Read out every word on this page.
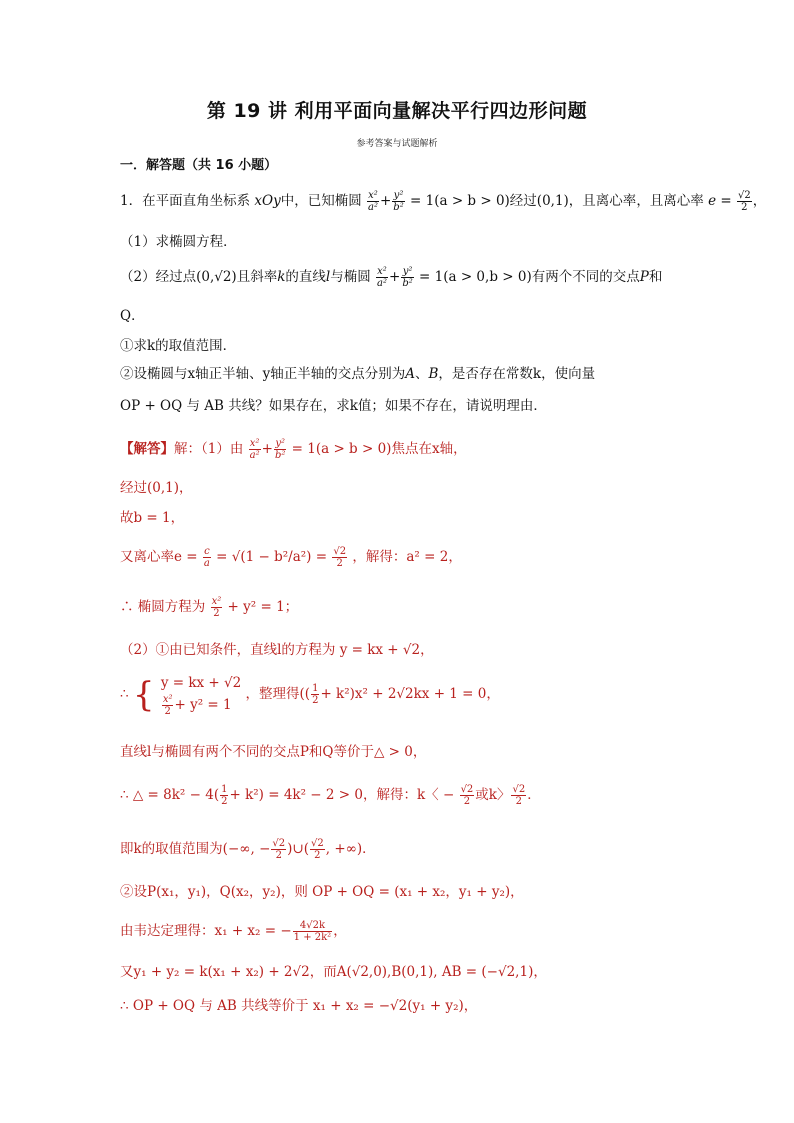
第 19 讲 利用平面向量解决平行四边形问题
参考答案与试题解析
一．解答题（共 16 小题）
1．在平面直角坐标系 xOy中，已知椭圆 $\frac{\text{x²}}{\text{a²}} + \frac{\text{y²}}{\text{b²}} = 1(a > b > 0)$经过(0,1)，且离心率，且离心率 $e = \frac{√2}{2}$ ，
（1）求椭圆方程．
（2）经过点(0,√2)且斜率k的直线l与椭圆 $\frac{\text{x²}}{\text{a²}} + \frac{\text{y²}}{\text{b²}} = 1(a > 0,b > 0)$有两个不同的交点P和
Q．
①求k的取值范围．
②设椭圆与x轴正半轴、y轴正半轴的交点分别为A、B，是否存在常数k，使向量
OP + OQ 与 AB 共线？如果存在，求k值；如果不存在，请说明理由．
【解答】解：（1）由 $\frac{\text{x²}}{\text{a²}} + \frac{\text{y²}}{\text{b²}} = 1(a > b > 0)$焦点在x轴，
经过(0,1)，
故b = 1，
又离心率$e = \frac{c}{a} = √(1 - b^2/a^2) = \frac{√2}{2}$ ，解得：a² = 2，
∴ 椭圆方程为 $\frac{\text{x²}}{2} + y^2 = 1$；
（2）①由已知条件，直线l的方程为 y = kx + √2，
∴ { y = kx + √2
$\frac{\text{x²}}{2} + y^2 = 1$
，整理得(( $\frac{1}{2} + k^2)x^2 + 2√2kx + 1 = 0$，
直线l与椭圆有两个不同的交点P和Q等价于△ > 0，
∴ △ = $8k^2 - 4( \frac{1}{2} + k^2) = 4k^2 - 2 > 0$，解得：k〈 − $\frac{√2}{2}$ 或k〉 $\frac{√2}{2}$ ．
即k的取值范围为(−∞, − $\frac{√2}{2}$ )∪( $\frac{√2}{2}$ , +∞)．
②设P(x₁，y₁)，Q(x₂，y₂)，则 OP + OQ = (x₁ + x₂，y₁ + y₂)，
由韦达定理得：x₁ + x₂ = − $\frac{4√2k}{\text{1 + 2k²}}$ ，
又y₁ + y₂ = k(x₁ + x₂) + 2√2，而A(√2,0),B(0,1), AB = (−√2,1)，
∴ OP + OQ 与 AB 共线等价于 x₁ + x₂ = −√2(y₁ + y₂)，
